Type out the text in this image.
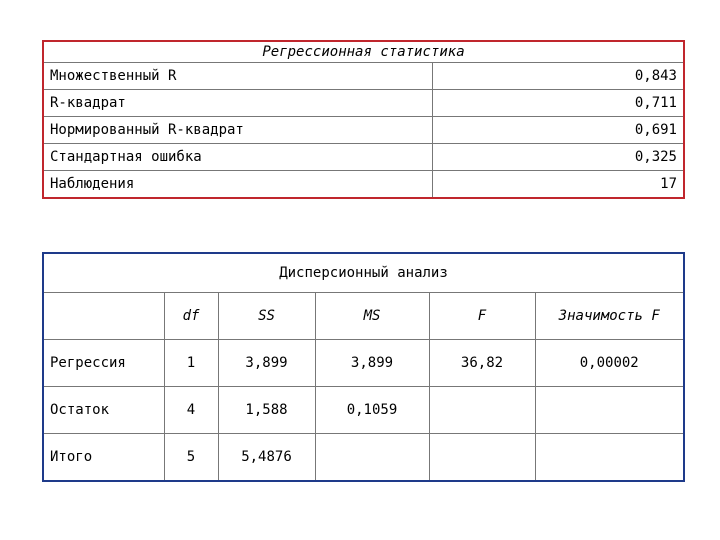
Регрессионная статистика	
Множественный R	0,843
R-квадрат	0,711
Нормированный R-квадрат	0,691
Стандартная ошибка	0,325
Наблюдения	17
Дисперсионный анализ					
	df	SS	MS	F	Значимость F
Регрессия	1	3,899	3,899	36,82	0,00002
Остаток	4	1,588	0,1059		
Итого	5	5,4876			
